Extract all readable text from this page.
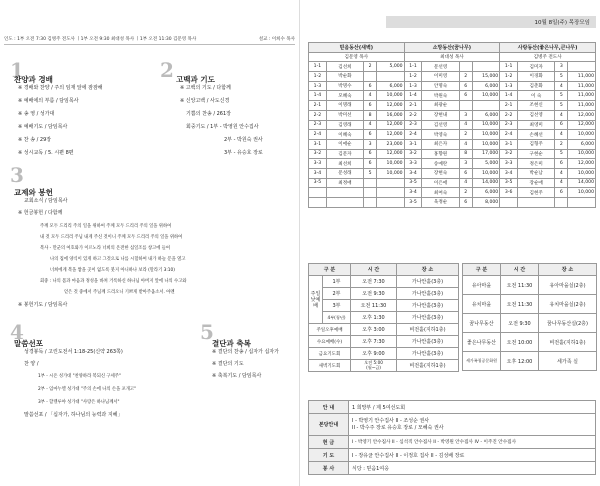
인도 : 1부 오전 7:30 김병주 전도사 ㅣ1부 오전 9:30 최대성 목사 ㅣ1부 오전 11:30 김문영 목사	설교 : 이희수 목사
1
찬양과 경배
※ 경배와 찬양 / 주의 임재 앞에 잠잠해
※ 예배에의 부름 / 담임목사
※ 송 영 / 성가대
※ 예배기도 / 담임목사
※ 찬 송 / 29장
※ 성시교독 / 5. 시편 8편
2 고백과 기도
※ 고백의 기도 / 다함께
※ 신앙고백 / 사도신경
기쁨의 찬송 / 261장
회중기도 / 1부 - 박영원 안수집사
2부 - 박원숙 권사
3부 - 유승호 장로
3
교제와 봉헌
교회소식 / 담임목사
※ 헌금봉헌 / 다함께
주께 모두 드리리 주의 일을 위하여 주께 모두 드리리 주의 일을 위하여
내 것 모두 드리리 주님 내게 주신 것이니 주께 모두 드리리 주의 일을 위하여
복사 - 만군의 여호와가 이르노라 너희의 온전한 십일조를 창고에 들여
나의 집에 양식이 있게 하고 그것으로 나를 시험하여 내가 하늘 문을 열고
너희에게 복을 쌓을 곳이 없도록 붓지 아니하나 보라 (말라기 3:10)
회중 : 나의 몸과 마음과 정성을 바쳐 거룩하신 하나님 아버지 앞에 나의 수고와
얻은 것 중에서 주님께 드리오니 기쁘게 받아주옵소서. 아멘
※ 봉헌기도 / 담임목사
4
말씀선포
성경봉독 / 고린도전서 1:18-25(신약 263쪽)
찬 양 /
1부 - 시온 성가대 "찬양하라 복되신 구세주"
2부 - 임마누엘 성가대 "주의 손에 나의 손을 포개고"
3부 - 할렐루야 성가대 "사랑은 하나님께서"
말씀선포 / 「십자가, 하나님의 능력과 지혜」
5
결단과 축복
※ 결단의 찬송 / 십자가 십자가
※ 결단의 기도
※ 축복기도 / 담임목사
10월 8일(주) 목장모임
믿음동산(새벽)				소망동산(꿈나무)				사랑동산(좋은나무,큰나무)			
김문영 목사				최대성 목사				김병주 전도사			
1-1	김선희	2	5,000	1-1	문선영			1-1	김미자	3	
1-2	박순화			1-2	이미영	2	15,000	1-2	이경화	5	11,000
1-3	박명수	6	6,000	1-3	안명숙	6	6,000	1-3	김춘화	4	11,000
1-4	모혜숙	4	10,000	1-4	박원숙	6	10,000	1-4	이 숙	5	11,000
2-1	이명래	6	12,000	2-1	최광순			2-1	조현신	5	11,000
2-2	박미선	8	16,000	2-2	장현내	3	6,000	2-2	김선영	4	12,000
2-3	김영래	4	12,000	2-3	김선영	4	10,000	2-3	최영미	6	12,000
2-4	이혜숙	6	12,000	2-4	박영숙	2	10,000	2-4	손혜선	4	10,000
3-1	이애순	3	23,000	3-1	최은자	4	10,000	3-1	김형주	2	6,000
3-2	김문자	6	12,000	3-2	홍향원	8	17,000	3-2	구현순	5	10,000
3-3	최선희	6	10,000	3-3	송예란	3	5,000	3-3	정은미	6	12,000
3-4	문성래	5	10,000	3-4	장현숙	6	10,000	3-4	박순남	4	10,000
3-5	최정애			3-5	이은애	4	14,000	3-5	장순애	4	14,000
				3-4	최여숙	2	6,000	3-6	김현주	6	10,000
				3-5	육정순	6	8,000				
구 분		시 간	장 소
주일낮예배	1부	오전 7:30	가나안홀(3층)
	2부	오전 9:30	가나안홀(3층)
	3부	오전 11:30	가나안홀(3층)
	4부(청년)	오후 1:30	가나안홀(3층)
주일오후예배		오후 3:00	비전홀(지하1층)
수요예배(수)		오후 7:30	가나안홀(3층)
금요기도회		오후 9:00	가나안홀(3층)
새벽기도회		오전 5:00
(월~금)	비전홀(지하1층)
구 분	시 간	장 소
유아마을	오전 11:30	유아마을실(2층)
유치마을	오전 11:30	유치마을실(2층)
꿈나무동산	오전 9:30	꿈나무동산실(2층)
좋은나무동산	오전 10:00	비전홀(지하1층)
세가족청공문화원	오후 12:00	세가족 실
안 내	1 희망부 / 제 5여선도회
본당안내	I - 박영기 안수집사 II - 조성순 권사
II - 박수주 장로 유승호 장로 / 모혜숙 권사
헌 금	I - 박영기 안수집사 II - 심석직 안수집사 II - 박영원 안수집사 IV - 이주진 안수집사
기 도	I - 장유균 안수집사 II - 이정호 집사 II - 김성배 장로
봉 사	식당 : 믿음1여응
